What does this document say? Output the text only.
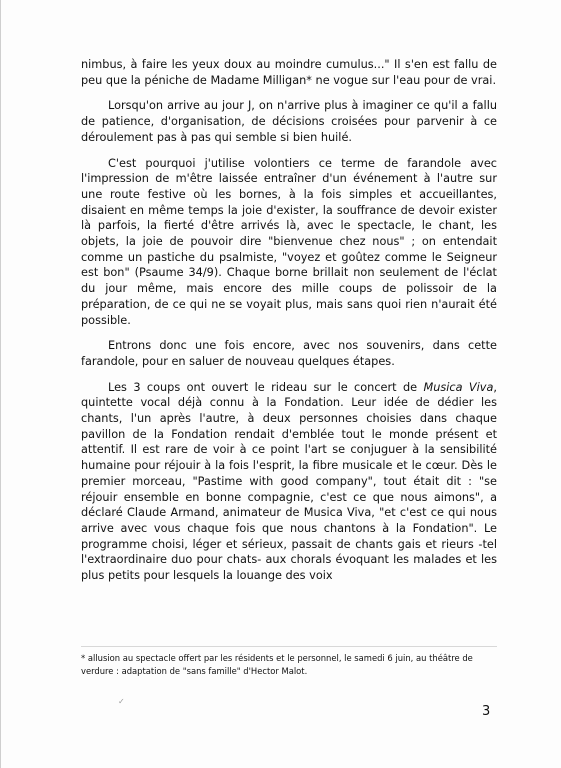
nimbus, à faire les yeux doux au moindre cumulus..." Il s'en est fallu de peu que la péniche de Madame Milligan* ne vogue sur l'eau pour de vrai.

Lorsqu'on arrive au jour J, on n'arrive plus à imaginer ce qu'il a fallu de patience, d'organisation, de décisions croisées pour parvenir à ce déroulement pas à pas qui semble si bien huilé.

C'est pourquoi j'utilise volontiers ce terme de farandole avec l'impression de m'être laissée entraîner d'un événement à l'autre sur une route festive où les bornes, à la fois simples et accueillantes, disaient en même temps la joie d'exister, la souffrance de devoir exister là parfois, la fierté d'être arrivés là, avec le spectacle, le chant, les objets, la joie de pouvoir dire "bienvenue chez nous" ; on entendait comme un pastiche du psalmiste, "voyez et goûtez comme le Seigneur est bon" (Psaume 34/9). Chaque borne brillait non seulement de l'éclat du jour même, mais encore des mille coups de polissoir de la préparation, de ce qui ne se voyait plus, mais sans quoi rien n'aurait été possible.

Entrons donc une fois encore, avec nos souvenirs, dans cette farandole, pour en saluer de nouveau quelques étapes.

Les 3 coups ont ouvert le rideau sur le concert de Musica Viva, quintette vocal déjà connu à la Fondation. Leur idée de dédier les chants, l'un après l'autre, à deux personnes choisies dans chaque pavillon de la Fondation rendait d'emblée tout le monde présent et attentif. Il est rare de voir à ce point l'art se conjuguer à la sensibilité humaine pour réjouir à la fois l'esprit, la fibre musicale et le cœur. Dès le premier morceau, "Pastime with good company", tout était dit : "se réjouir ensemble en bonne compagnie, c'est ce que nous aimons", a déclaré Claude Armand, animateur de Musica Viva, "et c'est ce qui nous arrive avec vous chaque fois que nous chantons à la Fondation". Le programme choisi, léger et sérieux, passait de chants gais et rieurs -tel l'extraordinaire duo pour chats- aux chorals évoquant les malades et les plus petits pour lesquels la louange des voix

* allusion au spectacle offert par les résidents et le personnel, le samedi 6 juin, au théâtre de verdure : adaptation de "sans famille" d'Hector Malot.
✓
3
